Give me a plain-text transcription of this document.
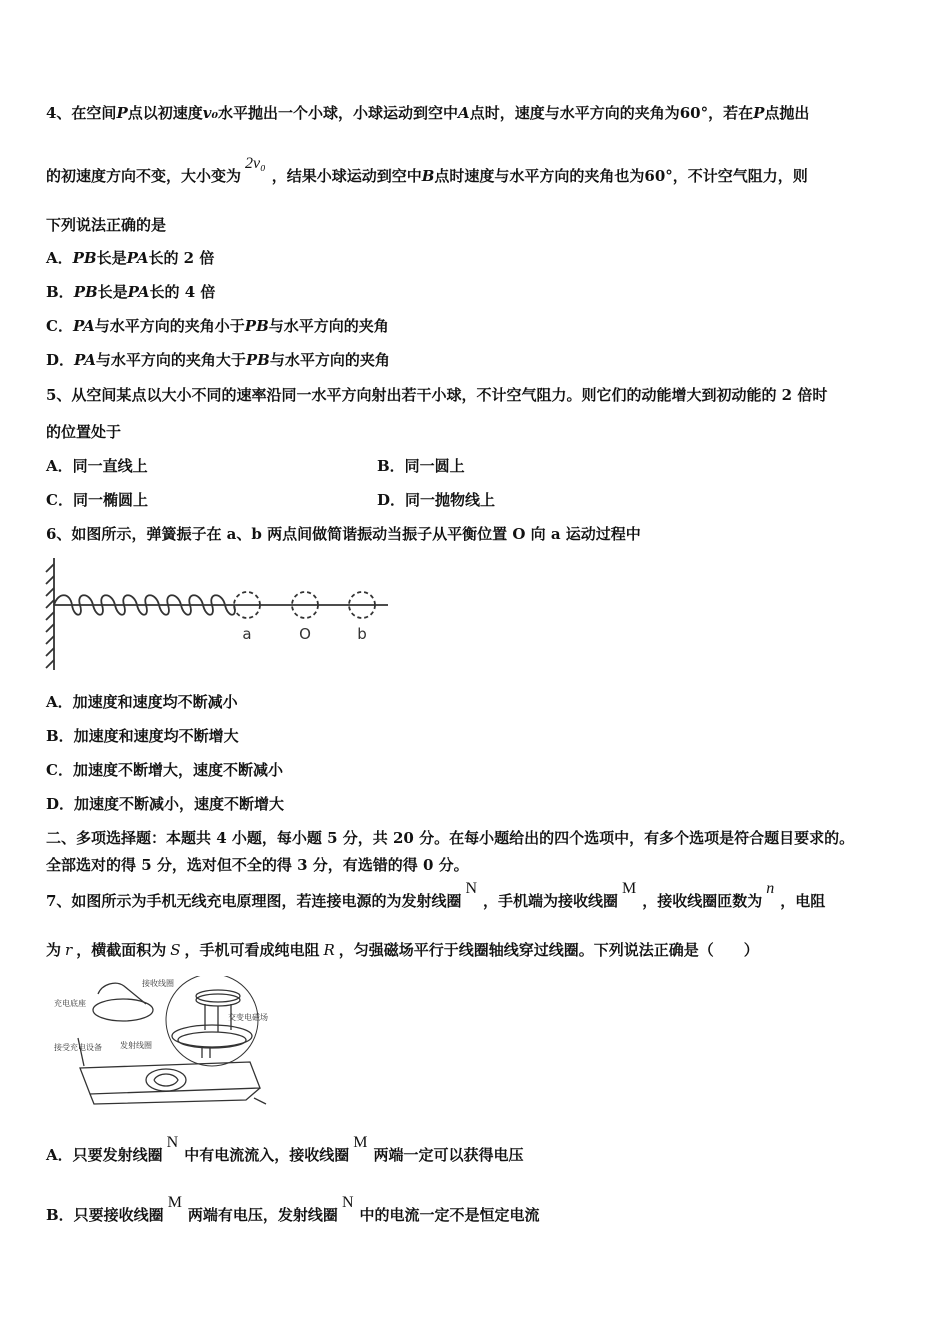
4、在空间P点以初速度v₀水平抛出一个小球，小球运动到空中A点时，速度与水平方向的夹角为60°，若在P点抛出
的初速度方向不变，大小变为2v₀，结果小球运动到空中B点时速度与水平方向的夹角也为60°，不计空气阻力，则
下列说法正确的是
A．PB长是PA长的 2 倍
B．PB长是PA长的 4 倍
C．PA与水平方向的夹角小于PB与水平方向的夹角
D．PA与水平方向的夹角大于PB与水平方向的夹角
5、从空间某点以大小不同的速率沿同一水平方向射出若干小球，不计空气阻力。则它们的动能增大到初动能的 2 倍时
的位置处于
A．同一直线上	B．同一圆上
C．同一椭圆上	D．同一抛物线上
6、如图所示，弹簧振子在 a、b 两点间做简谐振动当振子从平衡位置 O 向 a 运动过程中
a	O	b
A．加速度和速度均不断减小
B．加速度和速度均不断增大
C．加速度不断增大，速度不断减小
D．加速度不断减小，速度不断增大
二、多项选择题：本题共 4 小题，每小题 5 分，共 20 分。在每小题给出的四个选项中，有多个选项是符合题目要求的。
全部选对的得 5 分，选对但不全的得 3 分，有选错的得 0 分。
7、如图所示为手机无线充电原理图，若连接电源的为发射线圈N，手机端为接收线圈M，接收线圈匝数为n，电阻
为 r ，横截面积为 S ，手机可看成纯电阻 R ，匀强磁场平行于线圈轴线穿过线圈。下列说法正确是（　　）
接收线圈
充电底座
交变电磁场
发射线圈
接受充电设备
A．只要发射线圈N中有电流流入，接收线圈M两端一定可以获得电压
B．只要接收线圈M两端有电压，发射线圈N中的电流一定不是恒定电流
